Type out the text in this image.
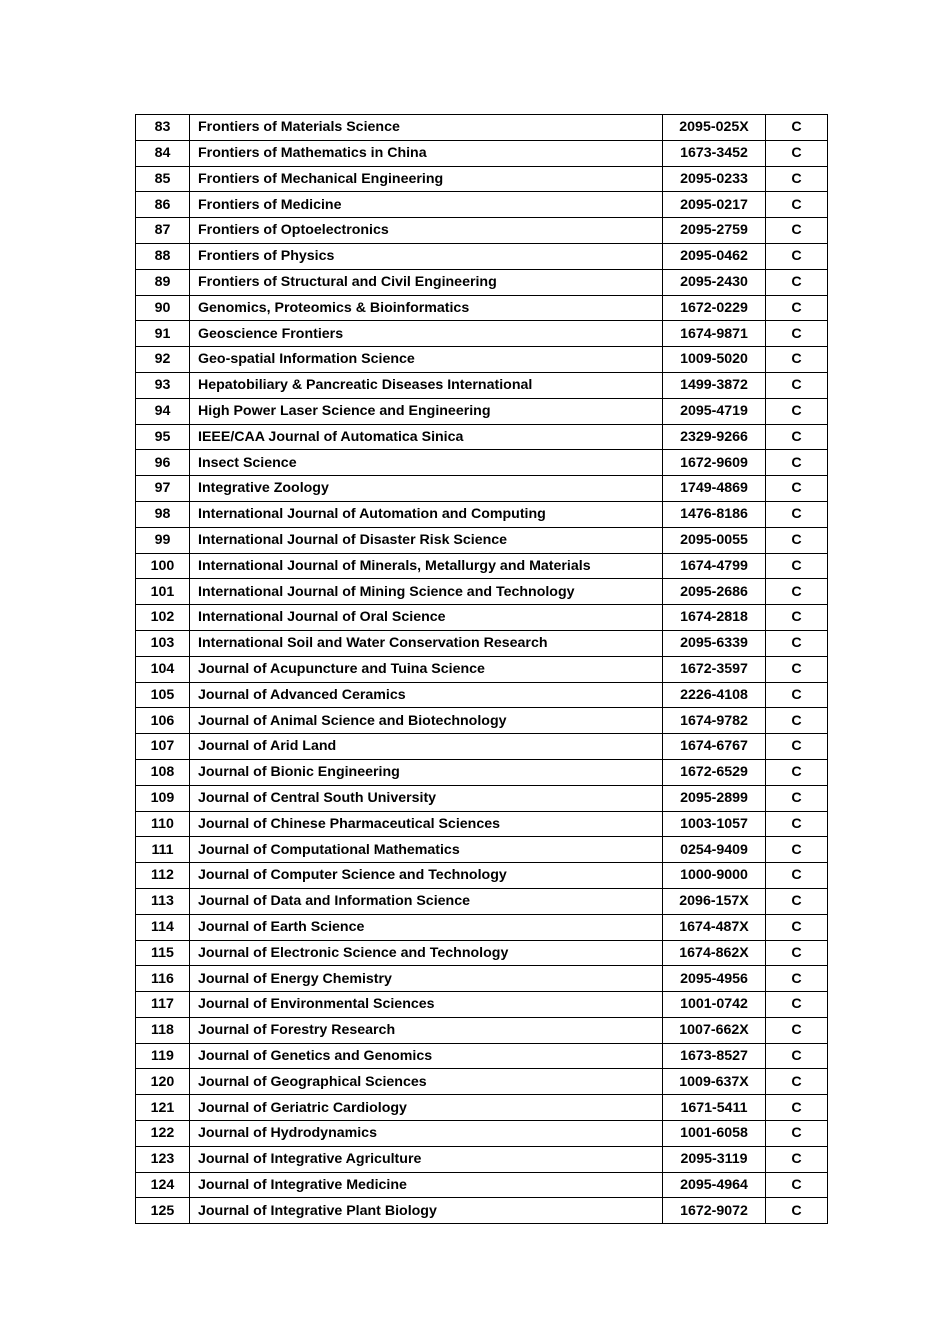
83	Frontiers of Materials Science	2095-025X	C
84	Frontiers of Mathematics in China	1673-3452	C
85	Frontiers of Mechanical Engineering	2095-0233	C
86	Frontiers of Medicine	2095-0217	C
87	Frontiers of Optoelectronics	2095-2759	C
88	Frontiers of Physics	2095-0462	C
89	Frontiers of Structural and Civil Engineering	2095-2430	C
90	Genomics, Proteomics & Bioinformatics	1672-0229	C
91	Geoscience Frontiers	1674-9871	C
92	Geo-spatial Information Science	1009-5020	C
93	Hepatobiliary & Pancreatic Diseases International	1499-3872	C
94	High Power Laser Science and Engineering	2095-4719	C
95	IEEE/CAA Journal of Automatica Sinica	2329-9266	C
96	Insect Science	1672-9609	C
97	Integrative Zoology	1749-4869	C
98	International Journal of Automation and Computing	1476-8186	C
99	International Journal of Disaster Risk Science	2095-0055	C
100	International Journal of Minerals, Metallurgy and Materials	1674-4799	C
101	International Journal of Mining Science and Technology	2095-2686	C
102	International Journal of Oral Science	1674-2818	C
103	International Soil and Water Conservation Research	2095-6339	C
104	Journal of Acupuncture and Tuina Science	1672-3597	C
105	Journal of Advanced Ceramics	2226-4108	C
106	Journal of Animal Science and Biotechnology	1674-9782	C
107	Journal of Arid Land	1674-6767	C
108	Journal of Bionic Engineering	1672-6529	C
109	Journal of Central South University	2095-2899	C
110	Journal of Chinese Pharmaceutical Sciences	1003-1057	C
111	Journal of Computational Mathematics	0254-9409	C
112	Journal of Computer Science and Technology	1000-9000	C
113	Journal of Data and Information Science	2096-157X	C
114	Journal of Earth Science	1674-487X	C
115	Journal of Electronic Science and Technology	1674-862X	C
116	Journal of Energy Chemistry	2095-4956	C
117	Journal of Environmental Sciences	1001-0742	C
118	Journal of Forestry Research	1007-662X	C
119	Journal of Genetics and Genomics	1673-8527	C
120	Journal of Geographical Sciences	1009-637X	C
121	Journal of Geriatric Cardiology	1671-5411	C
122	Journal of Hydrodynamics	1001-6058	C
123	Journal of Integrative Agriculture	2095-3119	C
124	Journal of Integrative Medicine	2095-4964	C
125	Journal of Integrative Plant Biology	1672-9072	C
